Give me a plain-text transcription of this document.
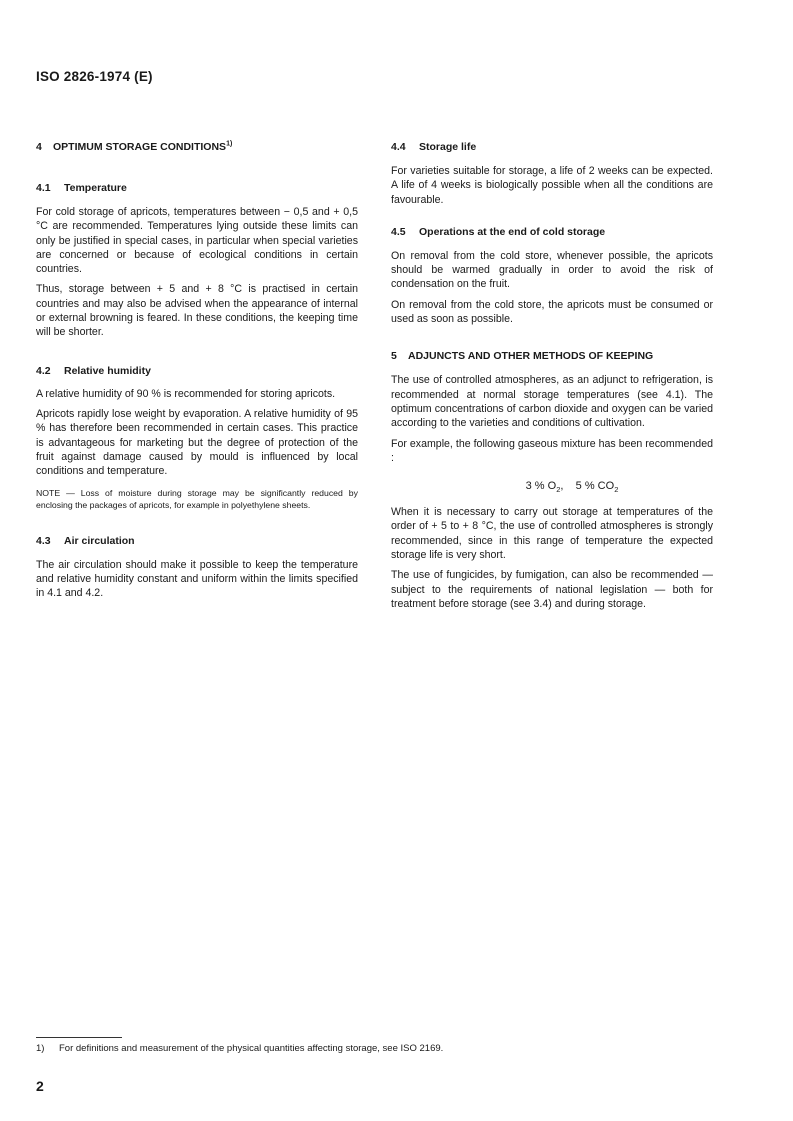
ISO 2826-1974 (E)
4 OPTIMUM STORAGE CONDITIONS$^{1)}$
4.1 Temperature

For cold storage of apricots, temperatures between − 0,5 and + 0,5 °C are recommended. Temperatures lying outside these limits can only be justified in special cases, in particular when special varieties are concerned or because of ecological conditions in certain countries.

Thus, storage between + 5 and + 8 °C is practised in certain countries and may also be advised when the appearance of internal or external browning is feared. In these conditions, the keeping time will be shorter.

4.2 Relative humidity

A relative humidity of 90 % is recommended for storing apricots.

Apricots rapidly lose weight by evaporation. A relative humidity of 95 % has therefore been recommended in certain cases. This practice is advantageous for marketing but the degree of protection of the fruit against damage caused by mould is influenced by local conditions and temperature.

NOTE — Loss of moisture during storage may be significantly reduced by enclosing the packages of apricots, for example in polyethylene sheets.

4.3 Air circulation

The air circulation should make it possible to keep the temperature and relative humidity constant and uniform within the limits specified in 4.1 and 4.2.

4.4 Storage life

For varieties suitable for storage, a life of 2 weeks can be expected. A life of 4 weeks is biologically possible when all the conditions are favourable.

4.5 Operations at the end of cold storage

On removal from the cold store, whenever possible, the apricots should be warmed gradually in order to avoid the risk of condensation on the fruit.

On removal from the cold store, the apricots must be consumed or used as soon as possible.

5 ADJUNCTS AND OTHER METHODS OF KEEPING

The use of controlled atmospheres, as an adjunct to refrigeration, is recommended at normal storage temperatures (see 4.1). The optimum concentrations of carbon dioxide and oxygen can be varied according to the varieties and conditions of cultivation.

For example, the following gaseous mixture has been recommended :

3 % $O_2$, 5 % $CO_2$

When it is necessary to carry out storage at temperatures of the order of + 5 to + 8 °C, the use of controlled atmospheres is strongly recommended, since in this range of temperature the expected storage life is very short.

The use of fungicides, by fumigation, can also be recommended — subject to the requirements of national legislation — both for treatment before storage (see 3.4) and during storage.

1) For definitions and measurement of the physical quantities affecting storage, see ISO 2169.
2
